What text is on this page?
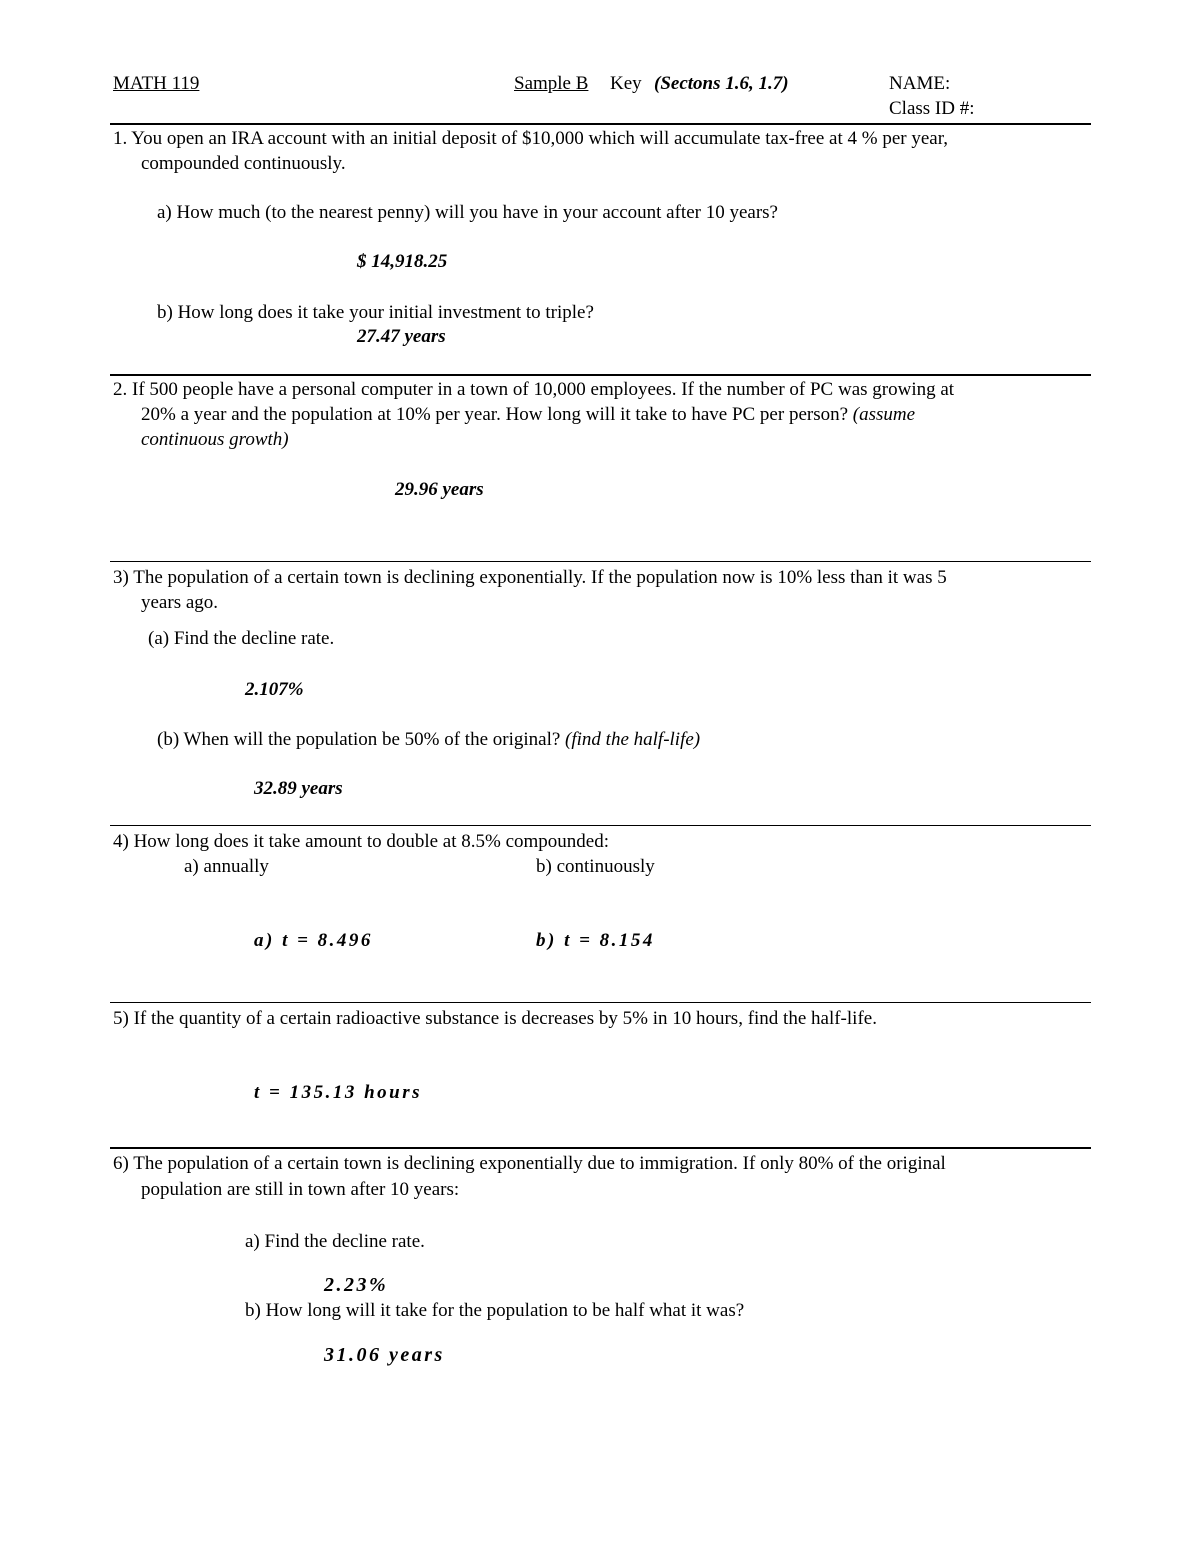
MATH 119	Sample B Key (Sectons 1.6, 1.7)	NAME:
Class ID #:
1. You open an IRA account with an initial deposit of $10,000 which will accumulate tax-free at 4 % per year,
compounded continuously.
a) How much (to the nearest penny) will you have in your account after 10 years?
$ 14,918.25
b) How long does it take your initial investment to triple?
27.47 years
2. If 500 people have a personal computer in a town of 10,000 employees. If the number of PC was growing at
20% a year and the population at 10% per year. How long will it take to have PC per person? (assume
continuous growth)
29.96 years
3) The population of a certain town is declining exponentially. If the population now is 10% less than it was 5
years ago.
(a) Find the decline rate.
2.107%
(b) When will the population be 50% of the original? (find the half-life)
32.89 years
4) How long does it take amount to double at 8.5% compounded:
a) annually	b) continuously
a) t = 8.496	b) t = 8.154
5) If the quantity of a certain radioactive substance is decreases by 5% in 10 hours, find the half-life.
t = 135.13 hours
6) The population of a certain town is declining exponentially due to immigration. If only 80% of the original
population are still in town after 10 years:
a) Find the decline rate.
2.23%
b) How long will it take for the population to be half what it was?
31.06 years
